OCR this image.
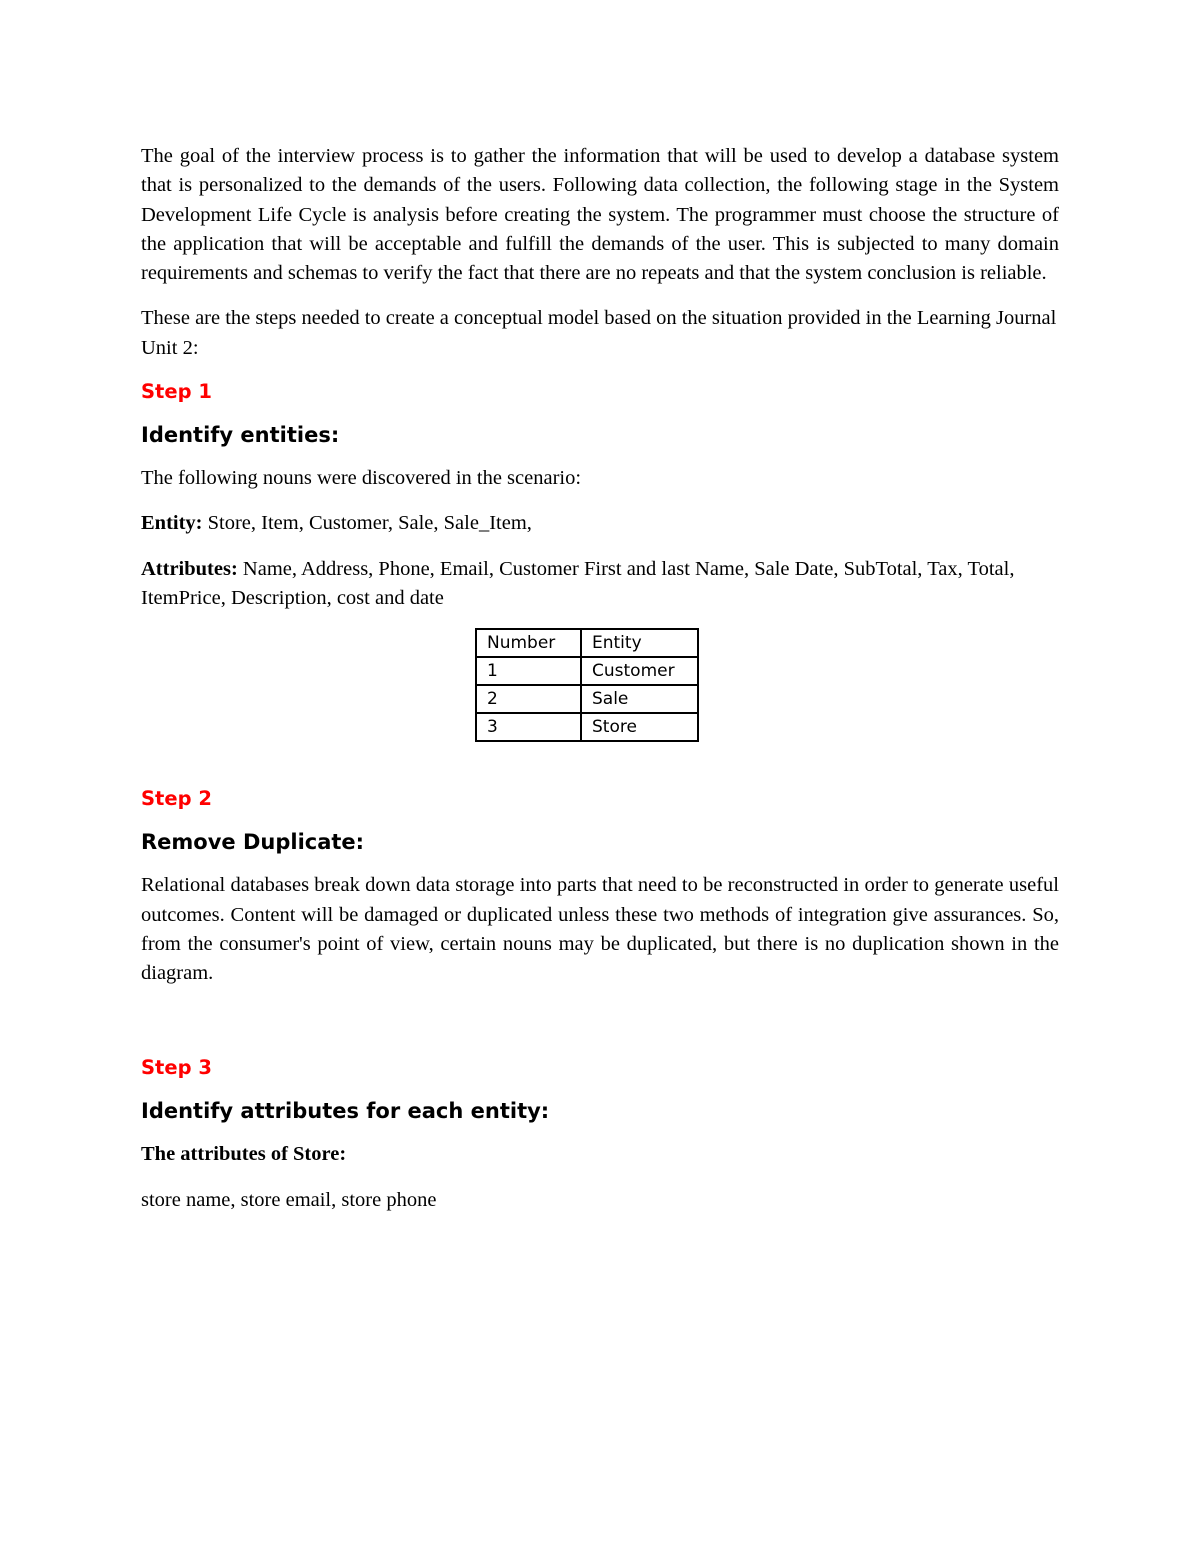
The goal of the interview process is to gather the information that will be used to develop a database system that is personalized to the demands of the users. Following data collection, the following stage in the System Development Life Cycle is analysis before creating the system. The programmer must choose the structure of the application that will be acceptable and fulfill the demands of the user. This is subjected to many domain requirements and schemas to verify the fact that there are no repeats and that the system conclusion is reliable.

These are the steps needed to create a conceptual model based on the situation provided in the Learning Journal Unit 2:

Step 1

Identify entities:

The following nouns were discovered in the scenario:

Entity: Store, Item, Customer, Sale, Sale_Item,

Attributes: Name, Address, Phone, Email, Customer First and last Name, Sale Date, SubTotal, Tax, Total, ItemPrice, Description, cost and date

Number	Entity
1	Customer
2	Sale
3	Store

Step 2

Remove Duplicate:

Relational databases break down data storage into parts that need to be reconstructed in order to generate useful outcomes. Content will be damaged or duplicated unless these two methods of integration give assurances. So, from the consumer's point of view, certain nouns may be duplicated, but there is no duplication shown in the diagram.

Step 3

Identify attributes for each entity:

The attributes of Store:

store name, store email, store phone
